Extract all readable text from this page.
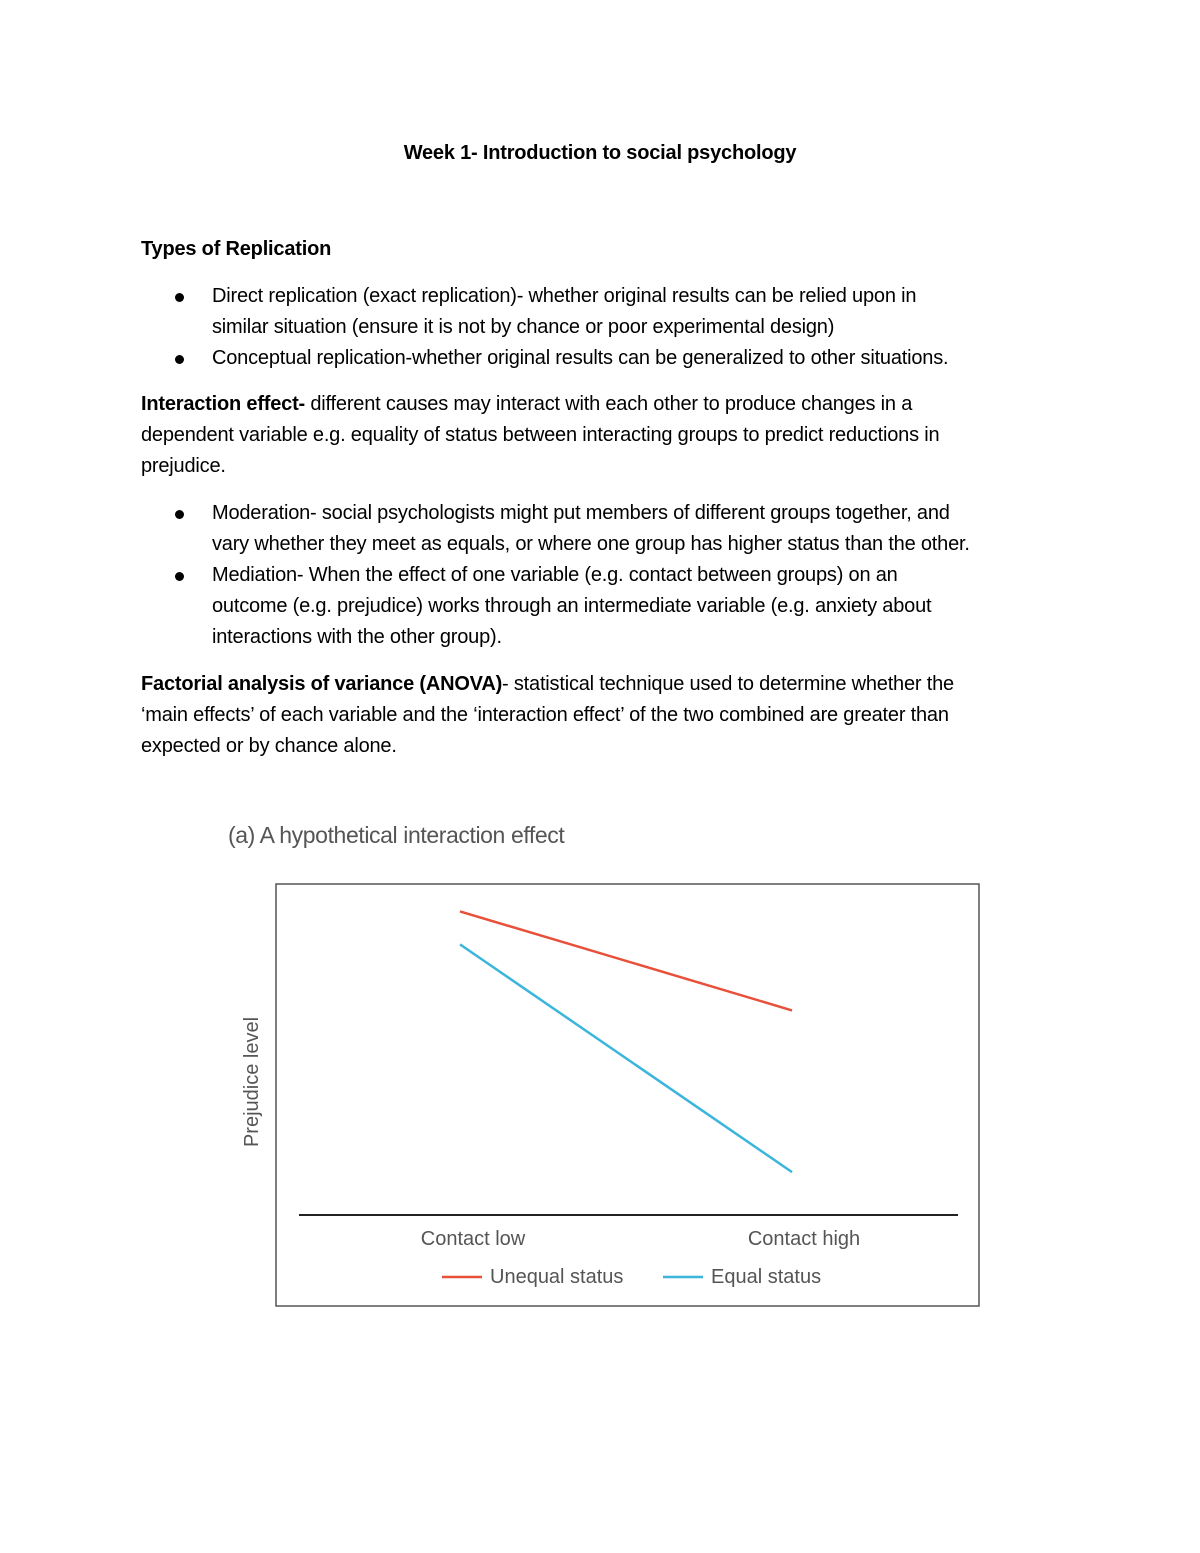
Week 1- Introduction to social psychology
Types of Replication
Direct replication (exact replication)- whether original results can be relied upon in
similar situation (ensure it is not by chance or poor experimental design)
Conceptual replication-whether original results can be generalized to other situations.
Interaction effect- different causes may interact with each other to produce changes in a
dependent variable e.g. equality of status between interacting groups to predict reductions in
prejudice.
Moderation- social psychologists might put members of different groups together, and
vary whether they meet as equals, or where one group has higher status than the other.
Mediation- When the effect of one variable (e.g. contact between groups) on an
outcome (e.g. prejudice) works through an intermediate variable (e.g. anxiety about
interactions with the other group).
Factorial analysis of variance (ANOVA)- statistical technique used to determine whether the
‘main effects’ of each variable and the ‘interaction effect’ of the two combined are greater than
expected or by chance alone.
(a) A hypothetical interaction effect
Prejudice level
Contact low	Contact high
Unequal status	Equal status
